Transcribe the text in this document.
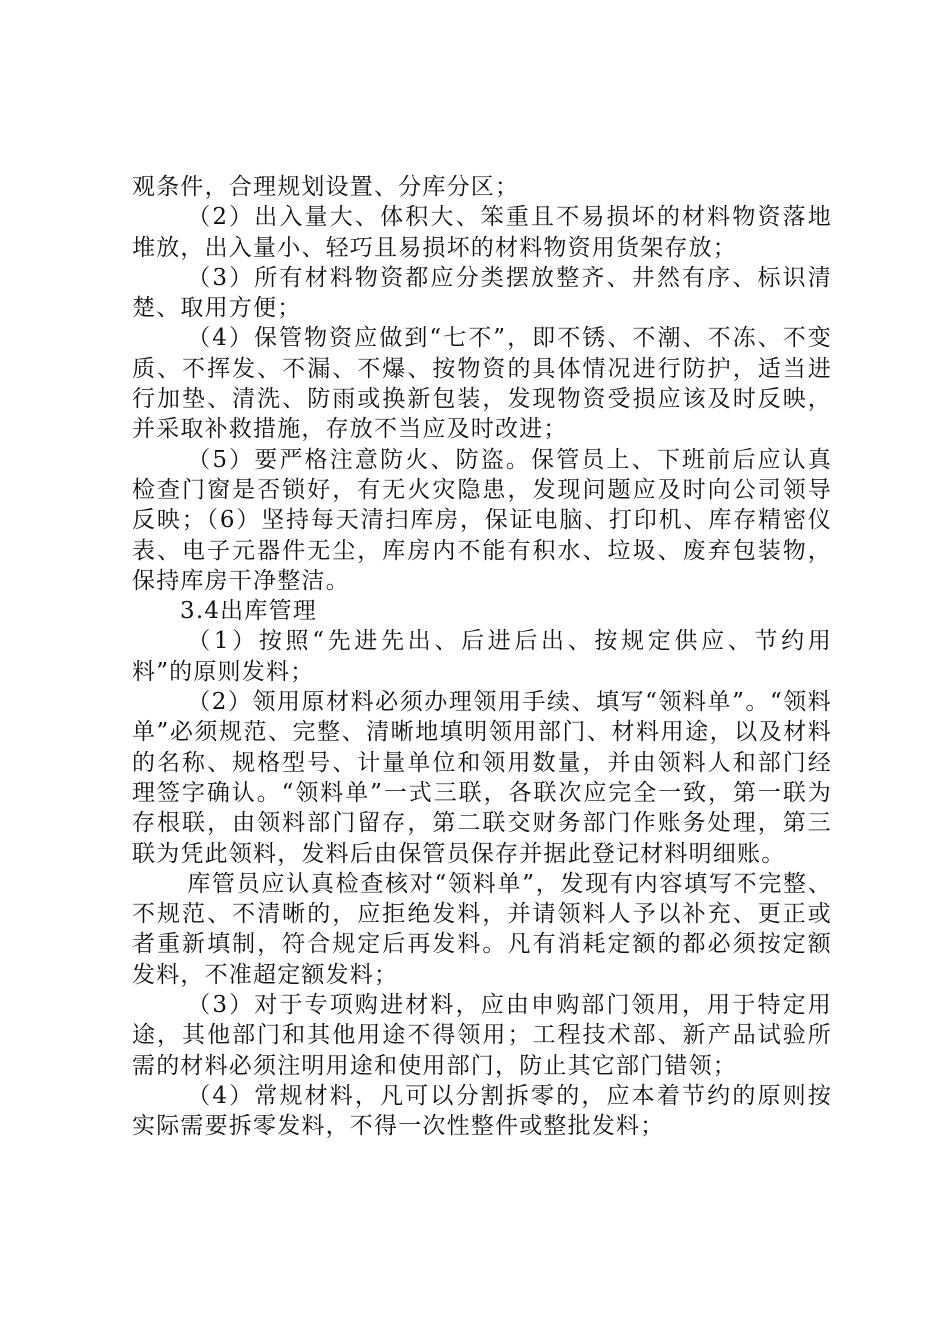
观条件，合理规划设置、分库分区；

（2）出入量大、体积大、笨重且不易损坏的材料物资落地堆放，出入量小、轻巧且易损坏的材料物资用货架存放；

（3）所有材料物资都应分类摆放整齐、井然有序、标识清楚、取用方便；

（4）保管物资应做到“七不”，即不锈、不潮、不冻、不变质、不挥发、不漏、不爆、按物资的具体情况进行防护，适当进行加垫、清洗、防雨或换新包装，发现物资受损应该及时反映，并采取补救措施，存放不当应及时改进；

（5）要严格注意防火、防盗。保管员上、下班前后应认真检查门窗是否锁好，有无火灾隐患，发现问题应及时向公司领导反映；（6）坚持每天清扫库房，保证电脑、打印机、库存精密仪表、电子元器件无尘，库房内不能有积水、垃圾、废弃包装物，保持库房干净整洁。

3.4出库管理

（1）按照“先进先出、后进后出、按规定供应、节约用料”的原则发料；

（2）领用原材料必须办理领用手续、填写“领料单”。“领料单”必须规范、完整、清晰地填明领用部门、材料用途，以及材料的名称、规格型号、计量单位和领用数量，并由领料人和部门经理签字确认。“领料单”一式三联，各联次应完全一致，第一联为存根联，由领料部门留存，第二联交财务部门作账务处理，第三联为凭此领料，发料后由保管员保存并据此登记材料明细账。

库管员应认真检查核对“领料单”，发现有内容填写不完整、不规范、不清晰的，应拒绝发料，并请领料人予以补充、更正或者重新填制，符合规定后再发料。凡有消耗定额的都必须按定额发料，不准超定额发料；

（3）对于专项购进材料，应由申购部门领用，用于特定用途，其他部门和其他用途不得领用；工程技术部、新产品试验所需的材料必须注明用途和使用部门，防止其它部门错领；

（4）常规材料，凡可以分割拆零的，应本着节约的原则按实际需要拆零发料，不得一次性整件或整批发料；
